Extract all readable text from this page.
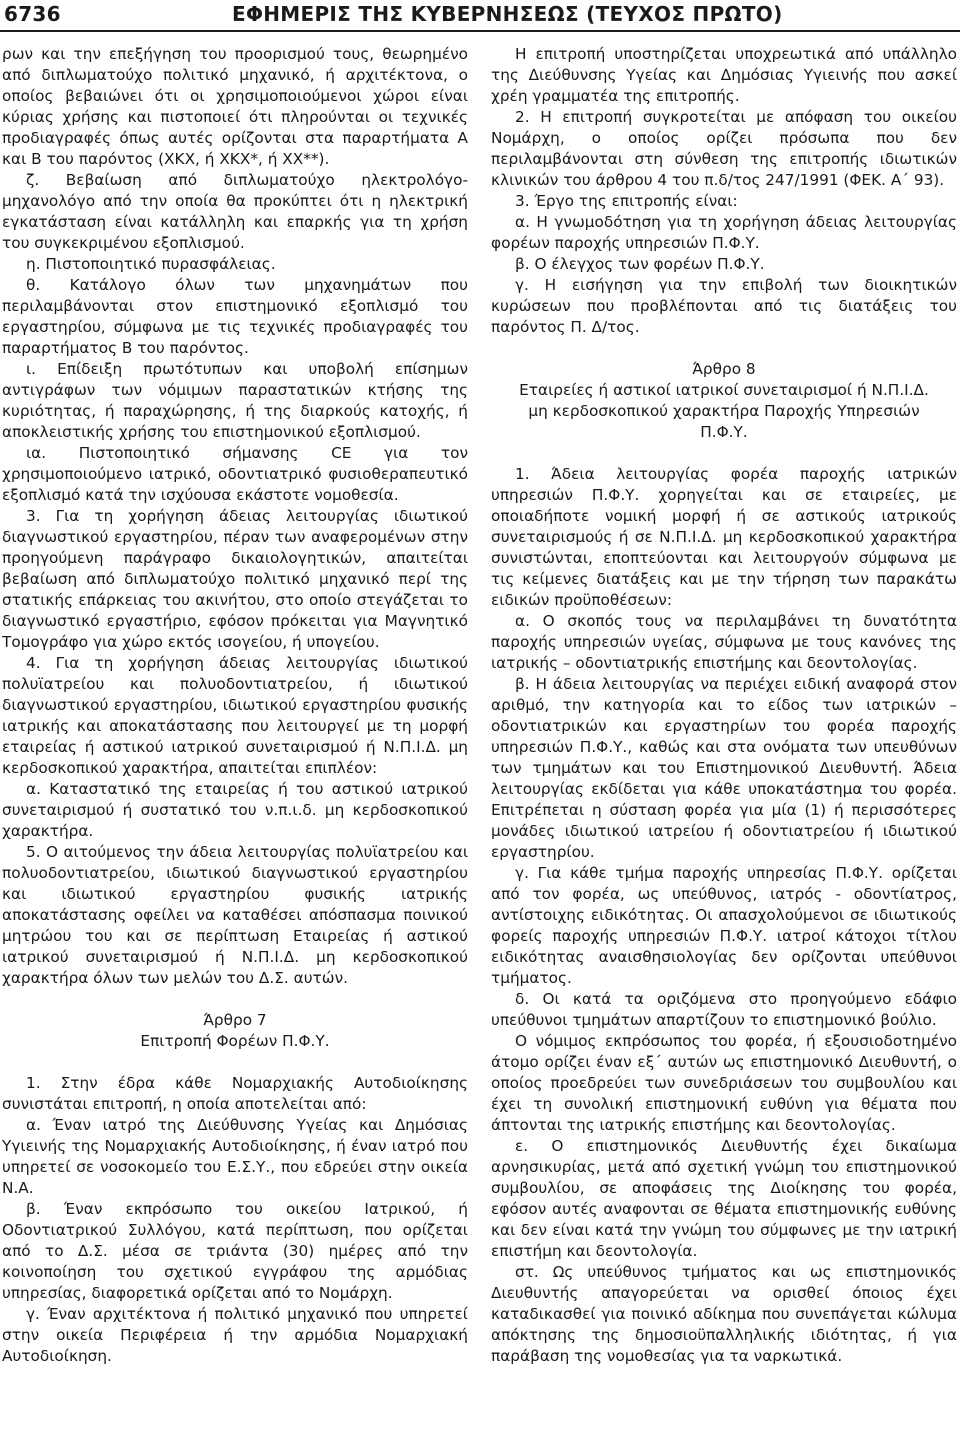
6736	ΕΦΗΜΕΡΙΣ ΤΗΣ ΚΥΒΕΡΝΗΣΕΩΣ (ΤΕΥΧΟΣ ΠΡΩΤΟ)

ρων και την επεξήγηση του προορισμού τους, θεωρημένο από διπλωματούχο πολιτικό μηχανικό, ή αρχιτέκτονα, ο οποίος βεβαιώνει ότι οι χρησιμοποιούμενοι χώροι είναι κύριας χρήσης και πιστοποιεί ότι πληρούνται οι τεχνικές προδιαγραφές όπως αυτές ορίζονται στα παραρτήματα Α και Β του παρόντος (ΧΚΧ, ή ΧΚΧ*, ή ΧΧ**).

ζ. Βεβαίωση από διπλωματούχο ηλεκτρολόγο-μηχανολόγο από την οποία θα προκύπτει ότι η ηλεκτρική εγκατάσταση είναι κατάλληλη και επαρκής για τη χρήση του συγκεκριμένου εξοπλισμού.

η. Πιστοποιητικό πυρασφάλειας.

θ. Κατάλογο όλων των μηχανημάτων που περιλαμβάνονται στον επιστημονικό εξοπλισμό του εργαστηρίου, σύμφωνα με τις τεχνικές προδιαγραφές του παραρτήματος Β του παρόντος.

ι. Επίδειξη πρωτότυπων και υποβολή επίσημων αντιγράφων των νόμιμων παραστατικών κτήσης της κυριότητας, ή παραχώρησης, ή της διαρκούς κατοχής, ή αποκλειστικής χρήσης του επιστημονικού εξοπλισμού.

ια. Πιστοποιητικό σήμανσης CE για τον χρησιμοποιούμενο ιατρικό, οδοντιατρικό φυσιοθεραπευτικό εξοπλισμό κατά την ισχύουσα εκάστοτε νομοθεσία.

3. Για τη χορήγηση άδειας λειτουργίας ιδιωτικού διαγνωστικού εργαστηρίου, πέραν των αναφερομένων στην προηγούμενη παράγραφο δικαιολογητικών, απαιτείται βεβαίωση από διπλωματούχο πολιτικό μηχανικό περί της στατικής επάρκειας του ακινήτου, στο οποίο στεγάζεται το διαγνωστικό εργαστήριο, εφόσον πρόκειται για Μαγνητικό Τομογράφο για χώρο εκτός ισογείου, ή υπογείου.

4. Για τη χορήγηση άδειας λειτουργίας ιδιωτικού πολυϊατρείου και πολυοδοντιατρείου, ή ιδιωτικού διαγνωστικού εργαστηρίου, ιδιωτικού εργαστηρίου φυσικής ιατρικής και αποκατάστασης που λειτουργεί με τη μορφή εταιρείας ή αστικού ιατρικού συνεταιρισμού ή Ν.Π.Ι.Δ. μη κερδοσκοπικού χαρακτήρα, απαιτείται επιπλέον:

α. Καταστατικό της εταιρείας ή του αστικού ιατρικού συνεταιρισμού ή συστατικό του ν.π.ι.δ. μη κερδοσκοπικού χαρακτήρα.

5. Ο αιτούμενος την άδεια λειτουργίας πολυϊατρείου και πολυοδοντιατρείου, ιδιωτικού διαγνωστικού εργαστηρίου και ιδιωτικού εργαστηρίου φυσικής ιατρικής αποκατάστασης οφείλει να καταθέσει απόσπασμα ποινικού μητρώου του και σε περίπτωση Εταιρείας ή αστικού ιατρικού συνεταιρισμού ή Ν.Π.Ι.Δ. μη κερδοσκοπικού χαρακτήρα όλων των μελών του Δ.Σ. αυτών.

Άρθρο 7

Επιτροπή Φορέων Π.Φ.Υ.

1. Στην έδρα κάθε Νομαρχιακής Αυτοδιοίκησης συνιστάται επιτροπή, η οποία αποτελείται από:

α. Έναν ιατρό της Διεύθυνσης Υγείας και Δημόσιας Υγιεινής της Νομαρχιακής Αυτοδιοίκησης, ή έναν ιατρό που υπηρετεί σε νοσοκομείο του Ε.Σ.Υ., που εδρεύει στην οικεία Ν.Α.

β. Έναν εκπρόσωπο του οικείου Ιατρικού, ή Οδοντιατρικού Συλλόγου, κατά περίπτωση, που ορίζεται από το Δ.Σ. μέσα σε τριάντα (30) ημέρες από την κοινοποίηση του σχετικού εγγράφου της αρμόδιας υπηρεσίας, διαφορετικά ορίζεται από το Νομάρχη.

γ. Έναν αρχιτέκτονα ή πολιτικό μηχανικό που υπηρετεί στην οικεία Περιφέρεια ή την αρμόδια Νομαρχιακή Αυτοδιοίκηση.

Η επιτροπή υποστηρίζεται υποχρεωτικά από υπάλληλο της Διεύθυνσης Υγείας και Δημόσιας Υγιεινής που ασκεί χρέη γραμματέα της επιτροπής.

2. Η επιτροπή συγκροτείται με απόφαση του οικείου Νομάρχη, ο οποίος ορίζει πρόσωπα που δεν περιλαμβάνονται στη σύνθεση της επιτροπής ιδιωτικών κλινικών του άρθρου 4 του π.δ/τος 247/1991 (ΦΕΚ. Α΄ 93).

3. Έργο της επιτροπής είναι:

α. Η γνωμοδότηση για τη χορήγηση άδειας λειτουργίας φορέων παροχής υπηρεσιών Π.Φ.Υ.

β. Ο έλεγχος των φορέων Π.Φ.Υ.

γ. Η εισήγηση για την επιβολή των διοικητικών κυρώσεων που προβλέπονται από τις διατάξεις του παρόντος Π. Δ/τος.

Άρθρο 8

Εταιρείες ή αστικοί ιατρικοί συνεταιρισμοί ή Ν.Π.Ι.Δ.

μη κερδοσκοπικού χαρακτήρα Παροχής Υπηρεσιών

Π.Φ.Υ.

1. Άδεια λειτουργίας φορέα παροχής ιατρικών υπηρεσιών Π.Φ.Υ. χορηγείται και σε εταιρείες, με οποιαδήποτε νομική μορφή ή σε αστικούς ιατρικούς συνεταιρισμούς ή σε Ν.Π.Ι.Δ. μη κερδοσκοπικού χαρακτήρα συνιστώνται, εποπτεύονται και λειτουργούν σύμφωνα με τις κείμενες διατάξεις και με την τήρηση των παρακάτω ειδικών προϋποθέσεων:

α. Ο σκοπός τους να περιλαμβάνει τη δυνατότητα παροχής υπηρεσιών υγείας, σύμφωνα με τους κανόνες της ιατρικής – οδοντιατρικής επιστήμης και δεοντολογίας.

β. Η άδεια λειτουργίας να περιέχει ειδική αναφορά στον αριθμό, την κατηγορία και το είδος των ιατρικών – οδοντιατρικών και εργαστηρίων του φορέα παροχής υπηρεσιών Π.Φ.Υ., καθώς και στα ονόματα των υπευθύνων των τμημάτων και του Επιστημονικού Διευθυντή. Άδεια λειτουργίας εκδίδεται για κάθε υποκατάστημα του φορέα. Επιτρέπεται η σύσταση φορέα για μία (1) ή περισσότερες μονάδες ιδιωτικού ιατρείου ή οδοντιατρείου ή ιδιωτικού εργαστηρίου.

γ. Για κάθε τμήμα παροχής υπηρεσίας Π.Φ.Υ. ορίζεται από τον φορέα, ως υπεύθυνος, ιατρός - οδοντίατρος, αντίστοιχης ειδικότητας. Οι απασχολούμενοι σε ιδιωτικούς φορείς παροχής υπηρεσιών Π.Φ.Υ. ιατροί κάτοχοι τίτλου ειδικότητας αναισθησιολογίας δεν ορίζονται υπεύθυνοι τμήματος.

δ. Οι κατά τα οριζόμενα στο προηγούμενο εδάφιο υπεύθυνοι τμημάτων απαρτίζουν το επιστημονικό βούλιο.

Ο νόμιμος εκπρόσωπος του φορέα, ή εξουσιοδοτημένο άτομο ορίζει έναν εξ΄ αυτών ως επιστημονικό Διευθυντή, ο οποίος προεδρεύει των συνεδριάσεων του συμβουλίου και έχει τη συνολική επιστημονική ευθύνη για θέματα που άπτονται της ιατρικής επιστήμης και δεοντολογίας.

ε. Ο επιστημονικός Διευθυντής έχει δικαίωμα αρνησικυρίας, μετά από σχετική γνώμη του επιστημονικού συμβουλίου, σε αποφάσεις της Διοίκησης του φορέα, εφόσον αυτές αναφονται σε θέματα επιστημονικής ευθύνης και δεν είναι κατά την γνώμη του σύμφωνες με την ιατρική επιστήμη και δεοντολογία.

στ. Ως υπεύθυνος τμήματος και ως επιστημονικός Διευθυντής απαγορεύεται να ορισθεί όποιος έχει καταδικασθεί για ποινικό αδίκημα που συνεπάγεται κώλυμα απόκτησης της δημοσιοϋπαλληλικής ιδιότητας, ή για παράβαση της νομοθεσίας για τα ναρκωτικά.
